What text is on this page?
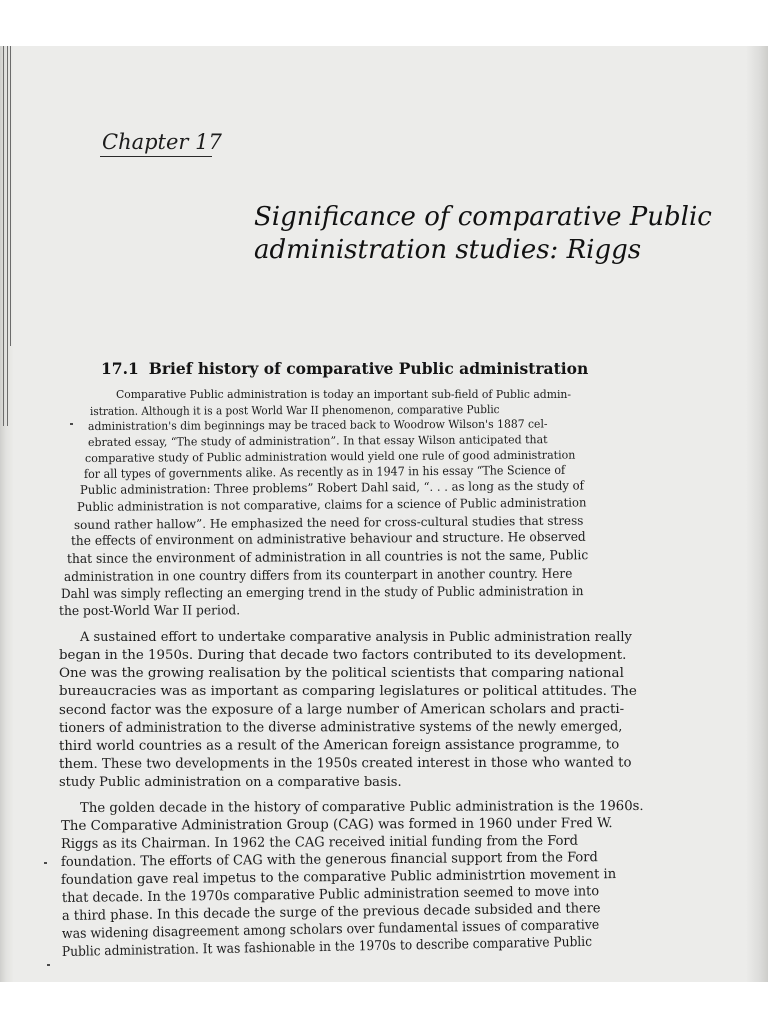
Chapter 17
Significance of comparative Public
administration studies: Riggs
17.1 Brief history of comparative Public administration

Comparative Public administration is today an important sub-field of Public admin-

istration. Although it is a post World War II phenomenon, comparative Public

administration's dim beginnings may be traced back to Woodrow Wilson's 1887 cel-

ebrated essay, “The study of administration”. In that essay Wilson anticipated that

comparative study of Public administration would yield one rule of good administration

for all types of governments alike. As recently as in 1947 in his essay “The Science of

Public administration: Three problems” Robert Dahl said, “. . . as long as the study of

Public administration is not comparative, claims for a science of Public administration

sound rather hallow”. He emphasized the need for cross-cultural studies that stress

the effects of environment on administrative behaviour and structure. He observed

that since the environment of administration in all countries is not the same, Public

administration in one country differs from its counterpart in another country. Here

Dahl was simply reflecting an emerging trend in the study of Public administration in

the post-World War II period.

A sustained effort to undertake comparative analysis in Public administration really

began in the 1950s. During that decade two factors contributed to its development.

One was the growing realisation by the political scientists that comparing national

bureaucracies was as important as comparing legislatures or political attitudes. The

second factor was the exposure of a large number of American scholars and practi-

tioners of administration to the diverse administrative systems of the newly emerged,

third world countries as a result of the American foreign assistance programme, to

them. These two developments in the 1950s created interest in those who wanted to

study Public administration on a comparative basis.

The golden decade in the history of comparative Public administration is the 1960s.

The Comparative Administration Group (CAG) was formed in 1960 under Fred W.

Riggs as its Chairman. In 1962 the CAG received initial funding from the Ford

foundation. The efforts of CAG with the generous financial support from the Ford

foundation gave real impetus to the comparative Public administrtion movement in

that decade. In the 1970s comparative Public administration seemed to move into

a third phase. In this decade the surge of the previous decade subsided and there

was widening disagreement among scholars over fundamental issues of comparative

Public administration. It was fashionable in the 1970s to describe comparative Public
